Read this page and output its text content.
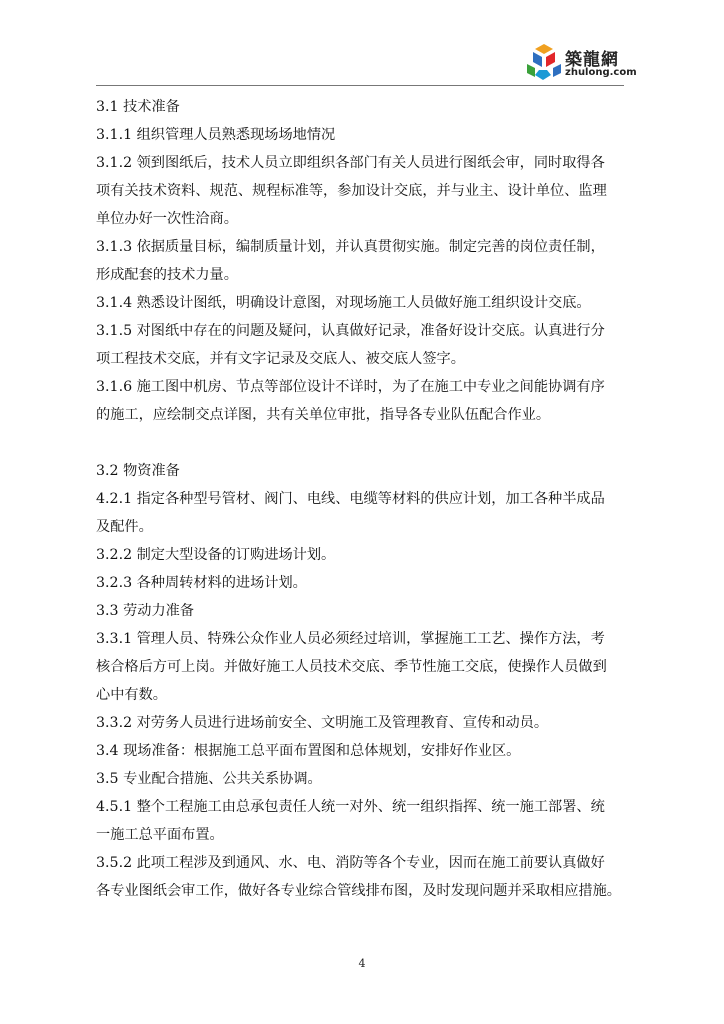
築龍網
zhulong.com
3.1 技术准备
3.1.1 组织管理人员熟悉现场场地情况
3.1.2 领到图纸后，技术人员立即组织各部门有关人员进行图纸会审，同时取得各
项有关技术资料、规范、规程标准等，参加设计交底，并与业主、设计单位、监理
单位办好一次性洽商。
3.1.3 依据质量目标，编制质量计划，并认真贯彻实施。制定完善的岗位责任制，
形成配套的技术力量。
3.1.4 熟悉设计图纸，明确设计意图，对现场施工人员做好施工组织设计交底。
3.1.5 对图纸中存在的问题及疑问，认真做好记录，准备好设计交底。认真进行分
项工程技术交底，并有文字记录及交底人、被交底人签字。
3.1.6 施工图中机房、节点等部位设计不详时，为了在施工中专业之间能协调有序
的施工，应绘制交点详图，共有关单位审批，指导各专业队伍配合作业。
3.2 物资准备
4.2.1 指定各种型号管材、阀门、电线、电缆等材料的供应计划，加工各种半成品
及配件。
3.2.2 制定大型设备的订购进场计划。
3.2.3 各种周转材料的进场计划。
3.3 劳动力准备
3.3.1 管理人员、特殊公众作业人员必须经过培训，掌握施工工艺、操作方法，考
核合格后方可上岗。并做好施工人员技术交底、季节性施工交底，使操作人员做到
心中有数。
3.3.2 对劳务人员进行进场前安全、文明施工及管理教育、宣传和动员。
3.4 现场准备：根据施工总平面布置图和总体规划，安排好作业区。
3.5 专业配合措施、公共关系协调。
4.5.1 整个工程施工由总承包责任人统一对外、统一组织指挥、统一施工部署、统
一施工总平面布置。
3.5.2 此项工程涉及到通风、水、电、消防等各个专业，因而在施工前要认真做好
各专业图纸会审工作，做好各专业综合管线排布图，及时发现问题并采取相应措施。
4
